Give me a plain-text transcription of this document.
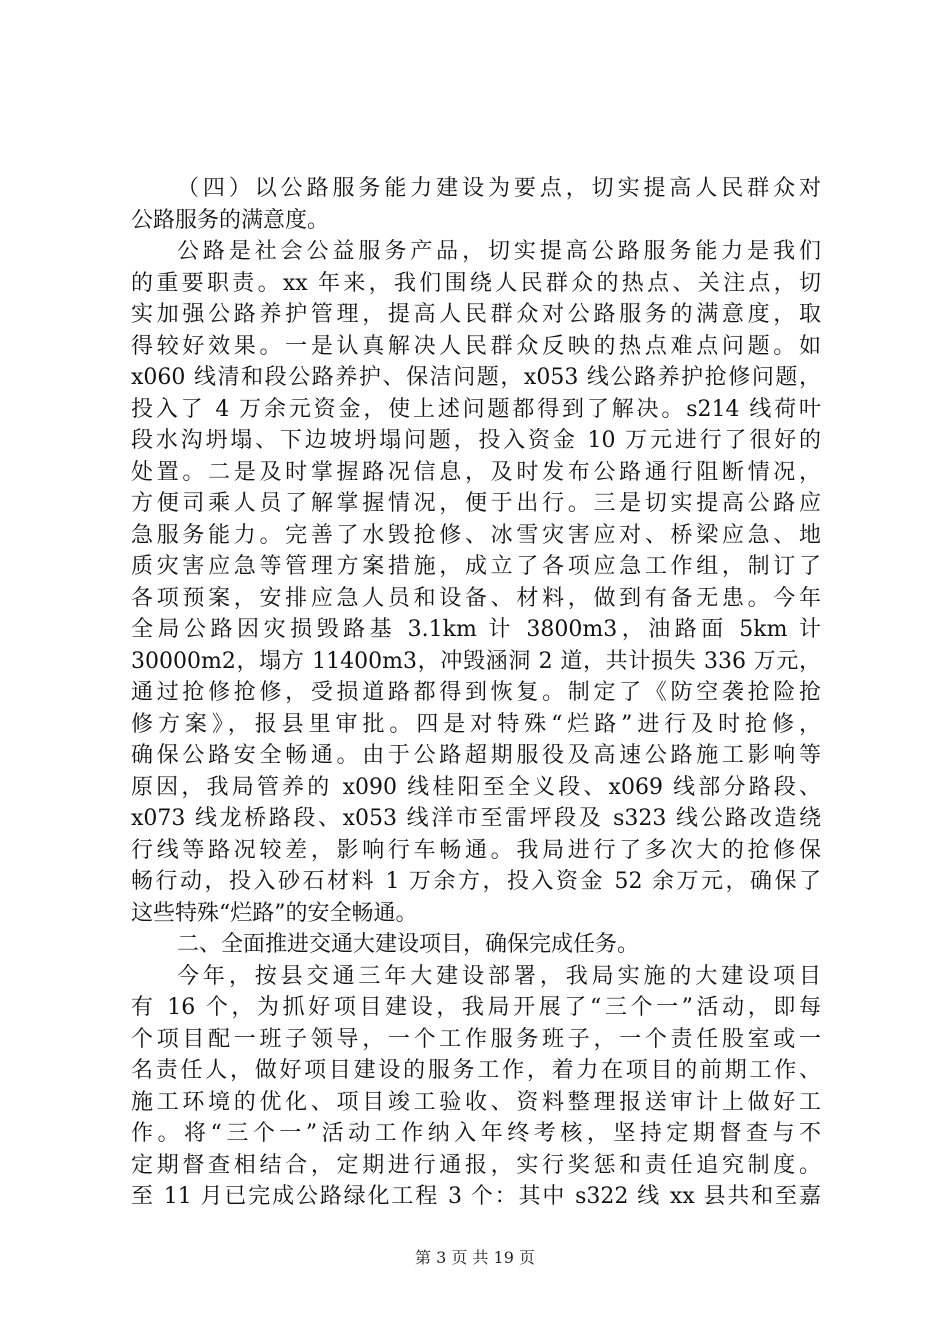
（四）以公路服务能力建设为要点，切实提高人民群众对
公路服务的满意度。
公路是社会公益服务产品，切实提高公路服务能力是我们
的重要职责。xx 年来，我们围绕人民群众的热点、关注点，切
实加强公路养护管理，提高人民群众对公路服务的满意度，取
得较好效果。一是认真解决人民群众反映的热点难点问题。如
x060 线清和段公路养护、保洁问题，x053 线公路养护抢修问题，
投入了 4 万余元资金，使上述问题都得到了解决。s214 线荷叶
段水沟坍塌、下边坡坍塌问题，投入资金 10 万元进行了很好的
处置。二是及时掌握路况信息，及时发布公路通行阻断情况，
方便司乘人员了解掌握情况，便于出行。三是切实提高公路应
急服务能力。完善了水毁抢修、冰雪灾害应对、桥梁应急、地
质灾害应急等管理方案措施，成立了各项应急工作组，制订了
各项预案，安排应急人员和设备、材料，做到有备无患。今年
全局公路因灾损毁路基 3.1km 计 3800m3，油路面 5km 计
30000m2，塌方 11400m3，冲毁涵洞 2 道，共计损失 336 万元，
通过抢修抢修，受损道路都得到恢复。制定了《防空袭抢险抢
修方案》，报县里审批。四是对特殊“烂路”进行及时抢修，
确保公路安全畅通。由于公路超期服役及高速公路施工影响等
原因，我局管养的 x090 线桂阳至全义段、x069 线部分路段、
x073 线龙桥路段、x053 线洋市至雷坪段及 s323 线公路改造绕
行线等路况较差，影响行车畅通。我局进行了多次大的抢修保
畅行动，投入砂石材料 1 万余方，投入资金 52 余万元，确保了
这些特殊“烂路”的安全畅通。
二、全面推进交通大建设项目，确保完成任务。
今年，按县交通三年大建设部署，我局实施的大建设项目
有 16 个，为抓好项目建设，我局开展了“三个一”活动，即每
个项目配一班子领导，一个工作服务班子，一个责任股室或一
名责任人，做好项目建设的服务工作，着力在项目的前期工作、
施工环境的优化、项目竣工验收、资料整理报送审计上做好工
作。将“三个一”活动工作纳入年终考核，坚持定期督查与不
定期督查相结合，定期进行通报，实行奖惩和责任追究制度。
至 11 月已完成公路绿化工程 3 个：其中 s322 线 xx 县共和至嘉
第 3 页 共 19 页
